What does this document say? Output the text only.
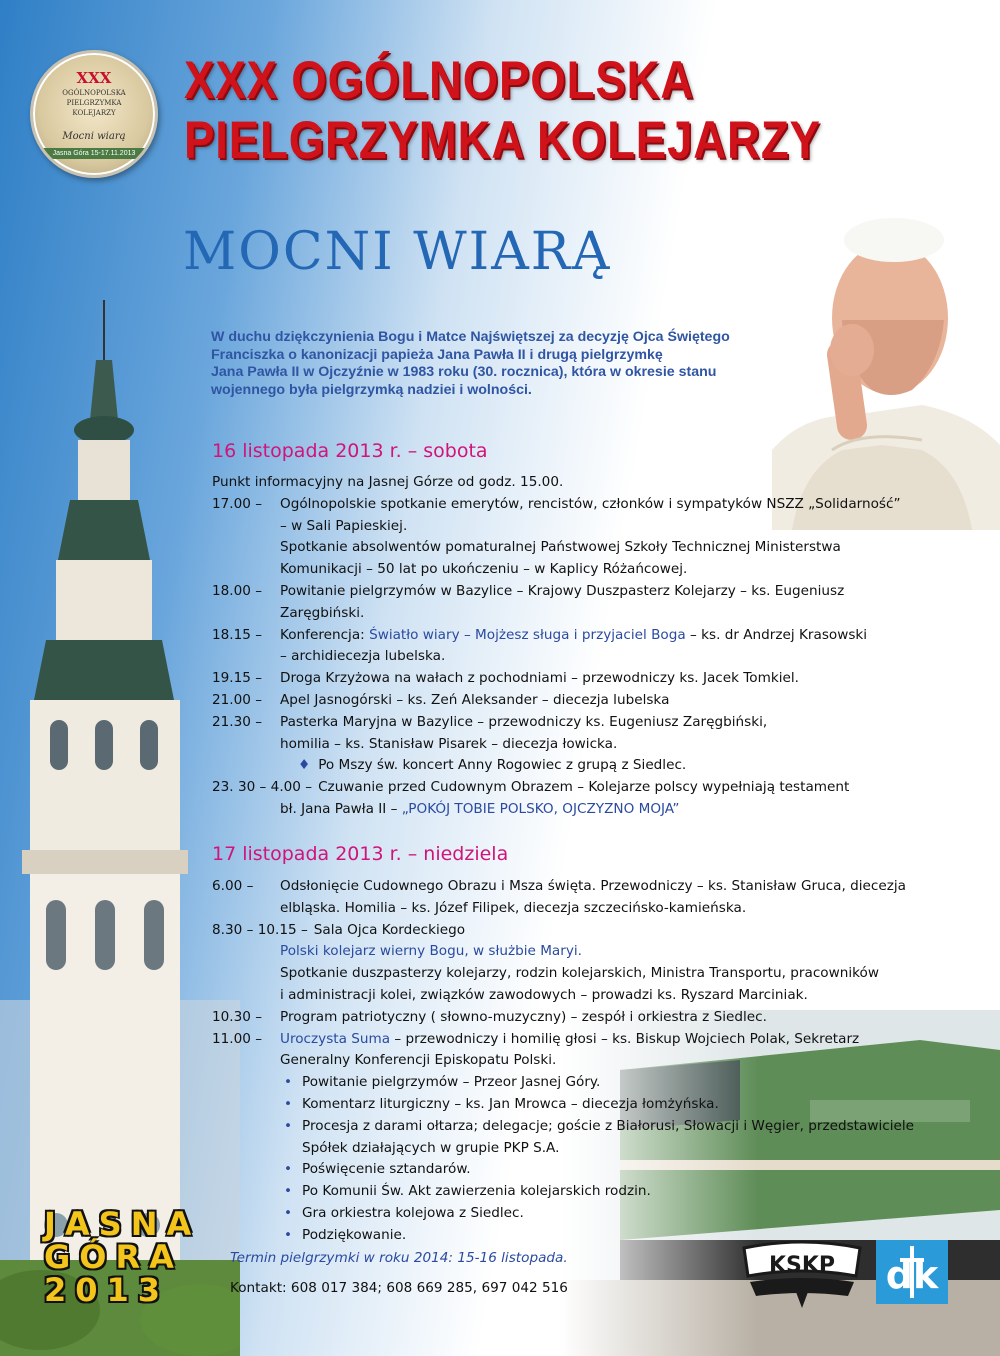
XXX
OGÓLNOPOLSKA
PIELGRZYMKA
KOLEJARZY
Mocni wiarą
Jasna Góra 15-17.11.2013
XXX OGÓLNOPOLSKA
PIELGRZYMKA KOLEJARZY
MOCNI WIARĄ
W duchu dziękczynienia Bogu i Matce Najświętszej za decyzję Ojca Świętego
Franciszka o kanonizacji papieża Jana Pawła II i drugą pielgrzymkę
Jana Pawła II w Ojczyźnie w 1983 roku (30. rocznica), która w okresie stanu
wojennego była pielgrzymką nadziei i wolności.
16 listopada 2013 r. – sobota
Punkt informacyjny na Jasnej Górze od godz. 15.00.
17.00 –	Ogólnopolskie spotkanie emerytów, rencistów, członków i sympatyków NSZZ „Solidarność”
– w Sali Papieskiej.
Spotkanie absolwentów pomaturalnej Państwowej Szkoły Technicznej Ministerstwa
Komunikacji – 50 lat po ukończeniu – w Kaplicy Różańcowej.
18.00 –	Powitanie pielgrzymów w Bazylice – Krajowy Duszpasterz Kolejarzy – ks. Eugeniusz
Zaręgbiński.
18.15 –	Konferencja: Światło wiary – Mojżesz sługa i przyjaciel Boga – ks. dr Andrzej Krasowski
– archidiecezja lubelska.
19.15 –	Droga Krzyżowa na wałach z pochodniami – przewodniczy ks. Jacek Tomkiel.
21.00 –	Apel Jasnogórski – ks. Zeń Aleksander – diecezja lubelska
21.30 –	Pasterka Maryjna w Bazylice – przewodniczy ks. Eugeniusz Zaręgbiński,
homilia – ks. Stanisław Pisarek – diecezja łowicka.
♦ Po Mszy św. koncert Anny Rogowiec z grupą z Siedlec.
23. 30 – 4.00 – Czuwanie przed Cudownym Obrazem – Kolejarze polscy wypełniają testament
bł. Jana Pawła II – „POKÓJ TOBIE POLSKO, OJCZYZNO MOJA”
17 listopada 2013 r. – niedziela
6.00 –	Odsłonięcie Cudownego Obrazu i Msza święta. Przewodniczy – ks. Stanisław Gruca, diecezja
elbląska. Homilia – ks. Józef Filipek, diecezja szczecińsko-kamieńska.
8.30 – 10.15 – Sala Ojca Kordeckiego
Polski kolejarz wierny Bogu, w służbie Maryi.
Spotkanie duszpasterzy kolejarzy, rodzin kolejarskich, Ministra Transportu, pracowników
i administracji kolei, związków zawodowych – prowadzi ks. Ryszard Marciniak.
10.30 –	Program patriotyczny ( słowno-muzyczny) – zespół i orkiestra z Siedlec.
11.00 –	Uroczysta Suma – przewodniczy i homilię głosi – ks. Biskup Wojciech Polak, Sekretarz
Generalny Konferencji Episkopatu Polski.
• Powitanie pielgrzymów – Przeor Jasnej Góry.
• Komentarz liturgiczny – ks. Jan Mrowca – diecezja łomżyńska.
• Procesja z darami ołtarza; delegacje; goście z Białorusi, Słowacji i Węgier, przedstawiciele
Spółek działających w grupie PKP S.A.
• Poświęcenie sztandarów.
• Po Komunii Św. Akt zawierzenia kolejarskich rodzin.
• Gra orkiestra kolejowa z Siedlec.
• Podziękowanie.
Termin pielgrzymki w roku 2014: 15-16 listopada.
Kontakt: 608 017 384; 608 669 285, 697 042 516
JASNA
GÓRA
2013
KSKP dk
